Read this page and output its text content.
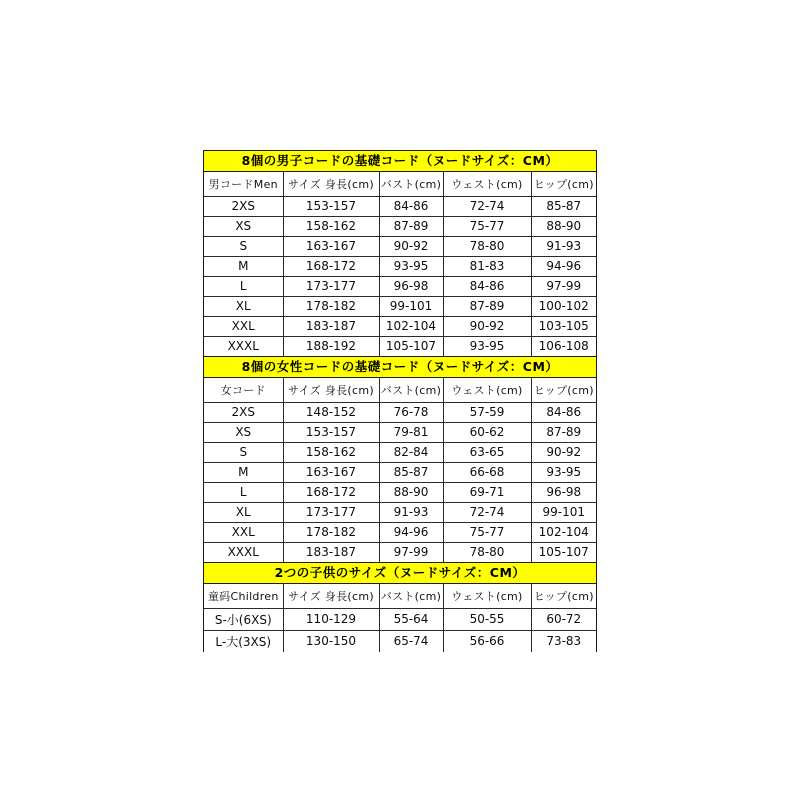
8個の男子コードの基礎コード（ヌードサイズ：CM）
男コードMen	サイズ 身長(cm)	バスト(cm)	ウェスト(cm)	ヒップ(cm)
2XS	153-157	84-86	72-74	85-87
XS	158-162	87-89	75-77	88-90
S	163-167	90-92	78-80	91-93
M	168-172	93-95	81-83	94-96
L	173-177	96-98	84-86	97-99
XL	178-182	99-101	87-89	100-102
XXL	183-187	102-104	90-92	103-105
XXXL	188-192	105-107	93-95	106-108
8個の女性コードの基礎コード（ヌードサイズ：CM）
女コード	サイズ 身長(cm)	バスト(cm)	ウェスト(cm)	ヒップ(cm)
2XS	148-152	76-78	57-59	84-86
XS	153-157	79-81	60-62	87-89
S	158-162	82-84	63-65	90-92
M	163-167	85-87	66-68	93-95
L	168-172	88-90	69-71	96-98
XL	173-177	91-93	72-74	99-101
XXL	178-182	94-96	75-77	102-104
XXXL	183-187	97-99	78-80	105-107
2つの子供のサイズ（ヌードサイズ：CM）
童码Children	サイズ 身長(cm)	バスト(cm)	ウェスト(cm)	ヒップ(cm)
S-小(6XS)	110-129	55-64	50-55	60-72
L-大(3XS)	130-150	65-74	56-66	73-83
